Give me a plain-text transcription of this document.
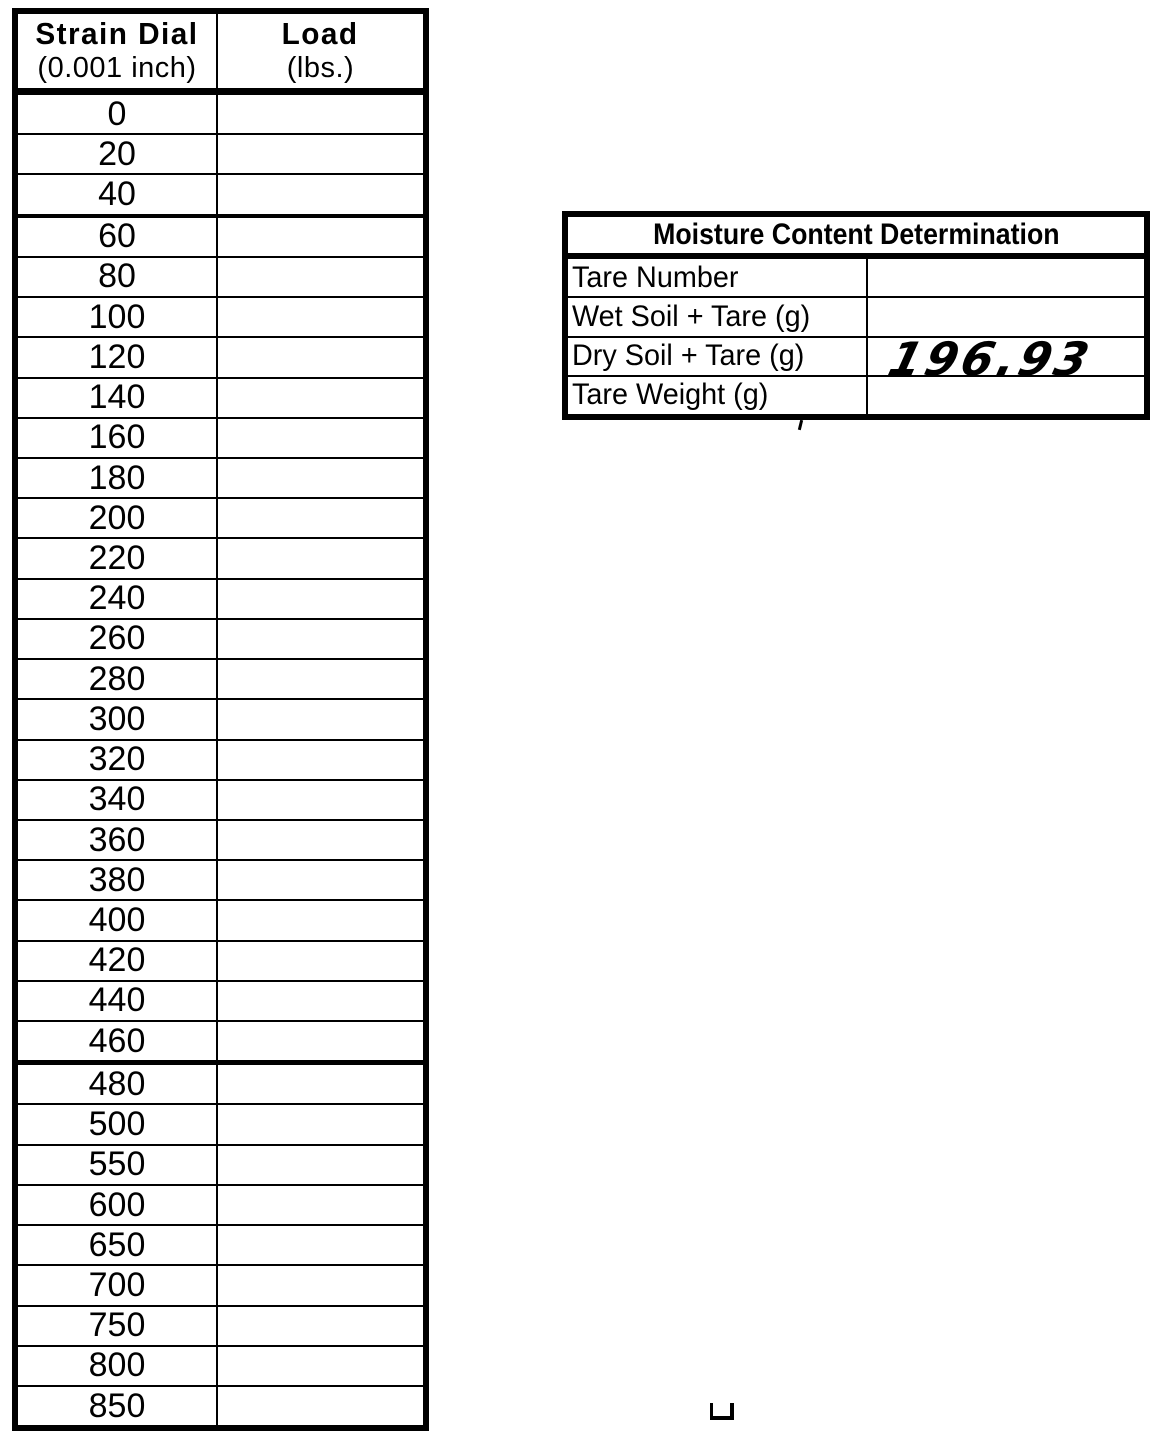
Strain Dial
(0.001 inch)
Load
(lbs.)
0
20
40
60
80
100
120
140
160
180
200
220
240
260
280
300
320
340
360
380
400
420
440
460
480
500
550
600
650
700
750
800
850
Moisture Content Determination
Tare Number
Wet Soil + Tare (g)
Dry Soil + Tare (g) 196.93
Tare Weight (g)
